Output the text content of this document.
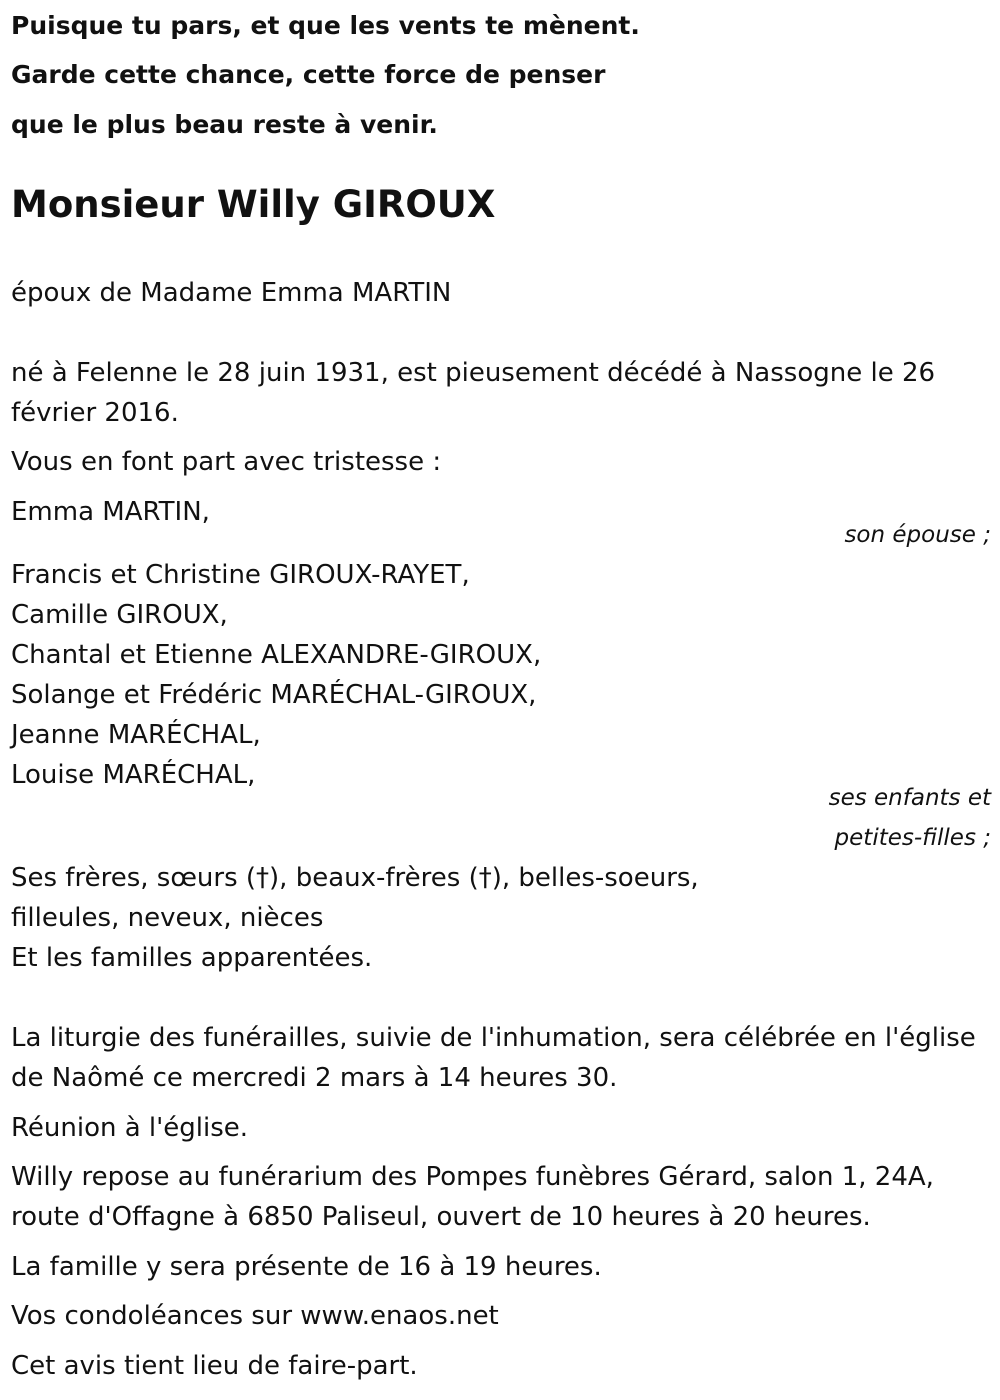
Puisque tu pars, et que les vents te mènent.
Garde cette chance, cette force de penser
que le plus beau reste à venir.
Monsieur Willy GIROUX
époux de Madame Emma MARTIN
né à Felenne le 28 juin 1931, est pieusement décédé à Nassogne le 26 février 2016.
Vous en font part avec tristesse :
Emma MARTIN,
son épouse ;
Francis et Christine GIROUX-RAYET,
Camille GIROUX,
Chantal et Etienne ALEXANDRE-GIROUX,
Solange et Frédéric MARÉCHAL-GIROUX,
Jeanne MARÉCHAL,
Louise MARÉCHAL,
ses enfants et
petites-filles ;
Ses frères, sœurs (†), beaux-frères (†), belles-soeurs,
filleules, neveux, nièces
Et les familles apparentées.
La liturgie des funérailles, suivie de l'inhumation, sera célébrée en l'église de Naômé ce mercredi 2 mars à 14 heures 30.
Réunion à l'église.
Willy repose au funérarium des Pompes funèbres Gérard, salon 1, 24A, route d'Offagne à 6850 Paliseul, ouvert de 10 heures à 20 heures.
La famille y sera présente de 16 à 19 heures.
Vos condoléances sur www.enaos.net
Cet avis tient lieu de faire-part.
